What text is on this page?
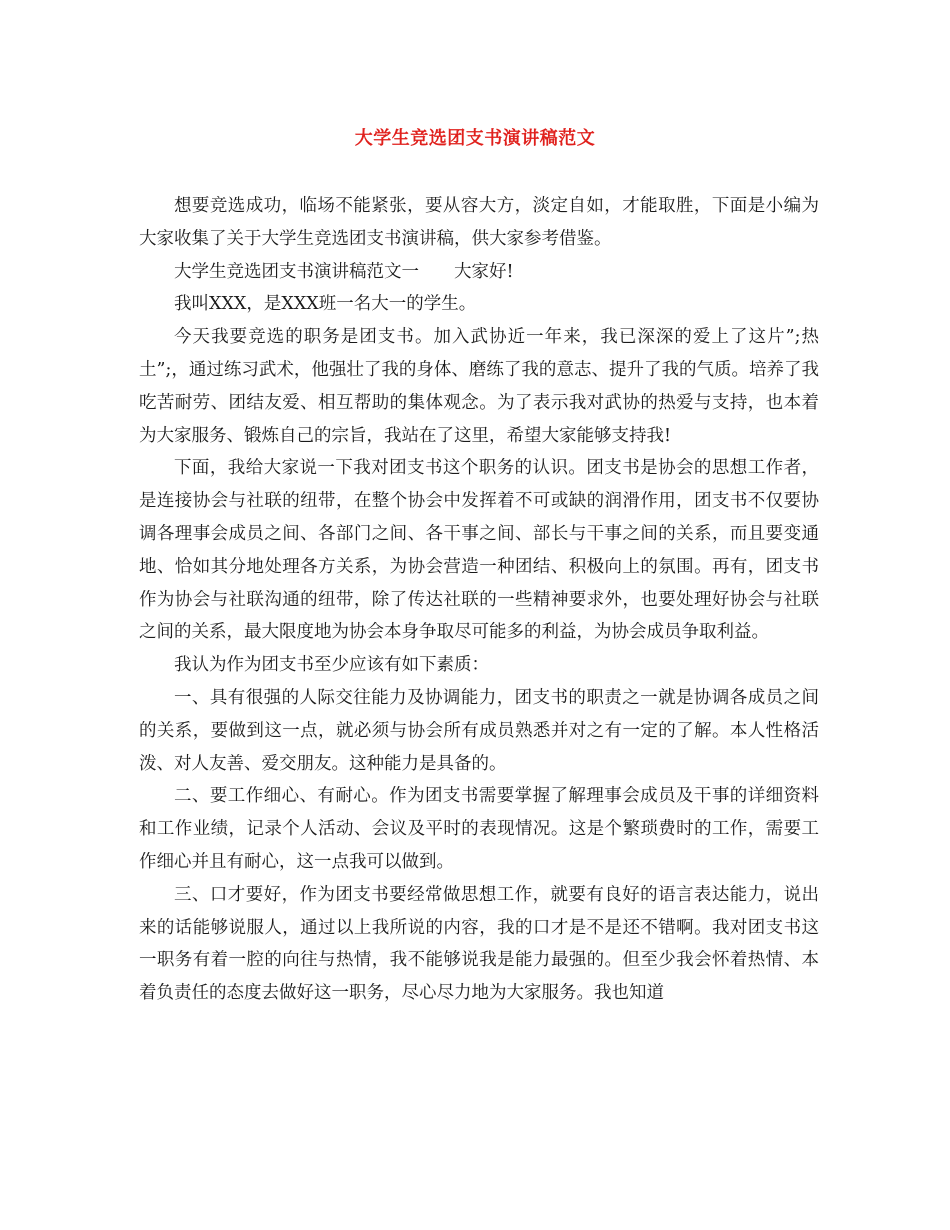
大学生竞选团支书演讲稿范文

想要竞选成功，临场不能紧张，要从容大方，淡定自如，才能取胜，下面是小编为大家收集了关于大学生竞选团支书演讲稿，供大家参考借鉴。

大学生竞选团支书演讲稿范文一　　大家好!

我叫XXX，是XXX班一名大一的学生。

今天我要竞选的职务是团支书。加入武协近一年来，我已深深的爱上了这片”;热土”;，通过练习武术，他强壮了我的身体、磨练了我的意志、提升了我的气质。培养了我吃苦耐劳、团结友爱、相互帮助的集体观念。为了表示我对武协的热爱与支持，也本着为大家服务、锻炼自己的宗旨，我站在了这里，希望大家能够支持我!

下面，我给大家说一下我对团支书这个职务的认识。团支书是协会的思想工作者，是连接协会与社联的纽带，在整个协会中发挥着不可或缺的润滑作用，团支书不仅要协调各理事会成员之间、各部门之间、各干事之间、部长与干事之间的关系，而且要变通地、恰如其分地处理各方关系，为协会营造一种团结、积极向上的氛围。再有，团支书作为协会与社联沟通的纽带，除了传达社联的一些精神要求外，也要处理好协会与社联之间的关系，最大限度地为协会本身争取尽可能多的利益，为协会成员争取利益。

我认为作为团支书至少应该有如下素质：

一、具有很强的人际交往能力及协调能力，团支书的职责之一就是协调各成员之间的关系，要做到这一点，就必须与协会所有成员熟悉并对之有一定的了解。本人性格活泼、对人友善、爱交朋友。这种能力是具备的。

二、要工作细心、有耐心。作为团支书需要掌握了解理事会成员及干事的详细资料和工作业绩，记录个人活动、会议及平时的表现情况。这是个繁琐费时的工作，需要工作细心并且有耐心，这一点我可以做到。

三、口才要好，作为团支书要经常做思想工作，就要有良好的语言表达能力，说出来的话能够说服人，通过以上我所说的内容，我的口才是不是还不错啊。我对团支书这一职务有着一腔的向往与热情，我不能够说我是能力最强的。但至少我会怀着热情、本着负责任的态度去做好这一职务，尽心尽力地为大家服务。我也知道
